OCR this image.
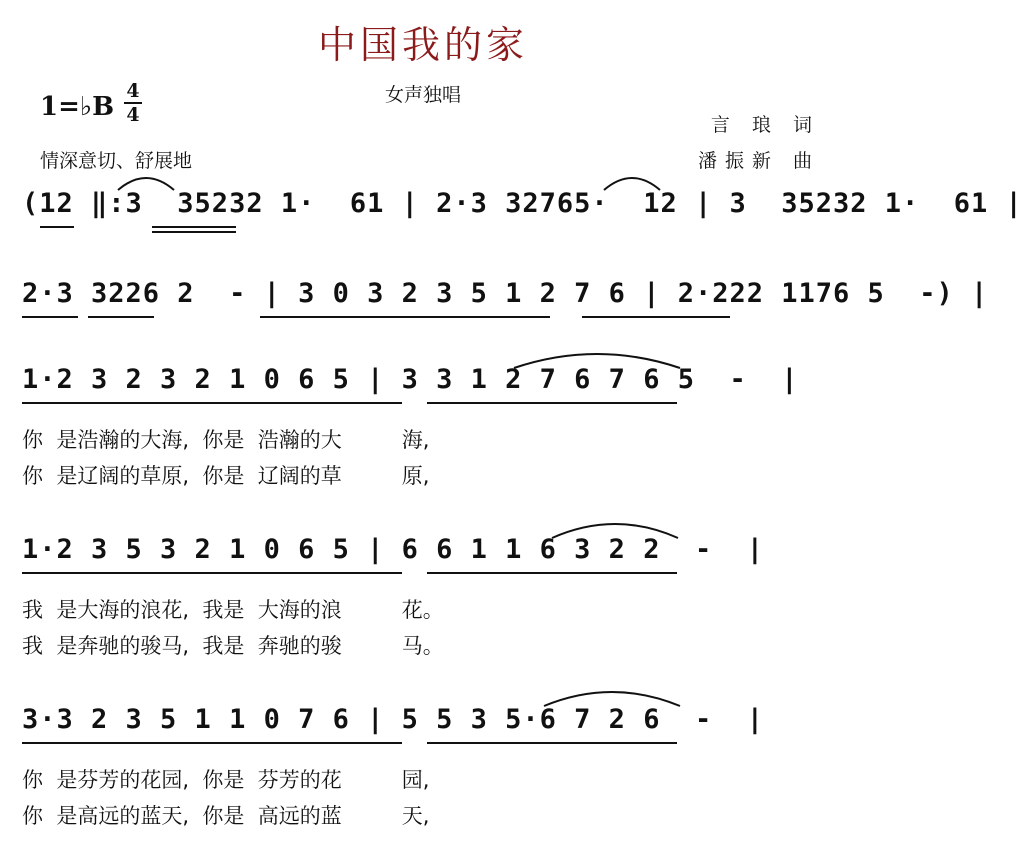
中国我的家
女声独唱
1=♭B
4
4	言 琅 词
情深意切、舒展地	潘振新 曲
(12 ‖:3  35232 1·  61 | 2·3 32765·  12 | 3  35232 1·  61 |
2·3 3226 2  - | 3 0 3 2 3 5 1 2 7 6 | 2·222 1176 5  -) |
1·2 3 2 3 2 1 0 6 5 | 3 3 1 2 7 6 7 6 5  -  |
你  是浩瀚的大海,  你是  浩瀚的大         海,
你  是辽阔的草原,  你是  辽阔的草         原,
1·2 3 5 3 2 1 0 6 5 | 6 6 1 1 6 3 2 2  -  |
我  是大海的浪花,  我是  大海的浪         花。
我  是奔驰的骏马,  我是  奔驰的骏         马。
3·3 2 3 5 1 1 0 7 6 | 5 5 3 5·6 7 2 6  -  |
你  是芬芳的花园,  你是  芬芳的花         园,
你  是高远的蓝天,  你是  高远的蓝         天,
